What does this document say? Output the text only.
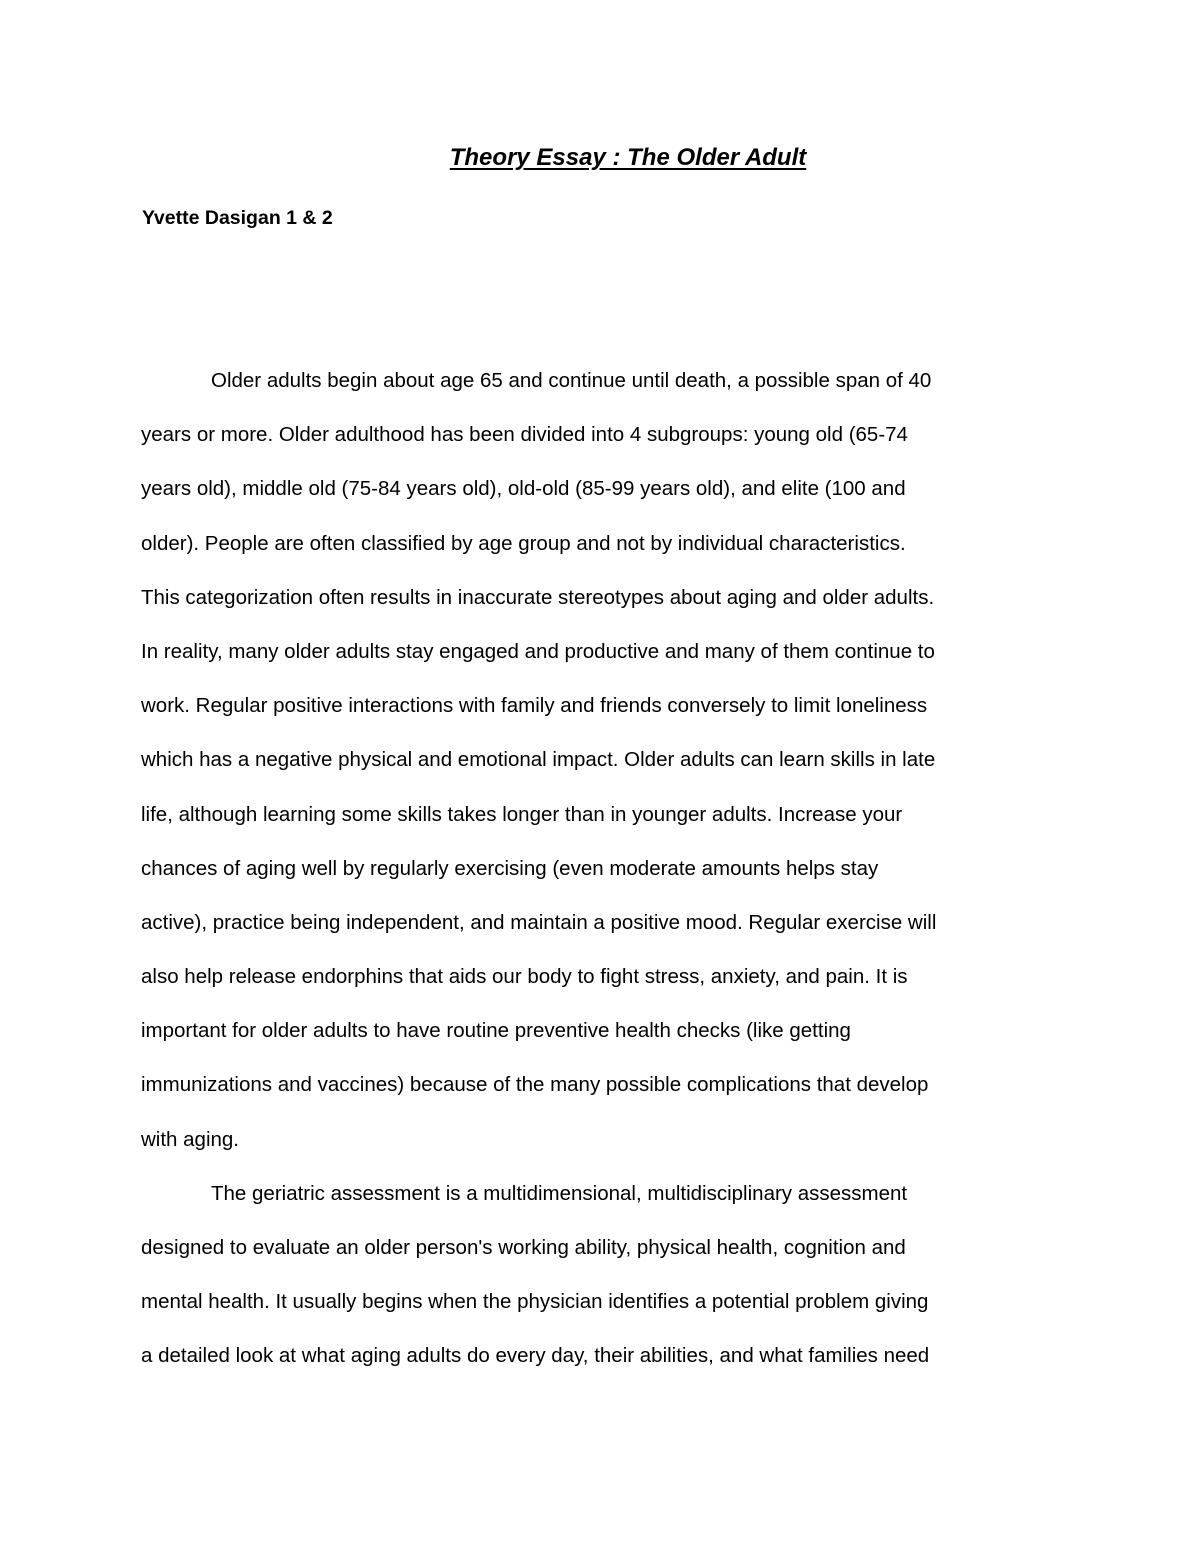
Theory Essay : The Older Adult

Yvette Dasigan 1 & 2

Older adults begin about age 65 and continue until death, a possible span of 40
years or more. Older adulthood has been divided into 4 subgroups: young old (65-74
years old), middle old (75-84 years old), old-old (85-99 years old), and elite (100 and
older). People are often classified by age group and not by individual characteristics.
This categorization often results in inaccurate stereotypes about aging and older adults.
In reality, many older adults stay engaged and productive and many of them continue to
work. Regular positive interactions with family and friends conversely to limit loneliness
which has a negative physical and emotional impact. Older adults can learn skills in late
life, although learning some skills takes longer than in younger adults. Increase your
chances of aging well by regularly exercising (even moderate amounts helps stay
active), practice being independent, and maintain a positive mood. Regular exercise will
also help release endorphins that aids our body to fight stress, anxiety, and pain. It is
important for older adults to have routine preventive health checks (like getting
immunizations and vaccines) because of the many possible complications that develop
with aging.
The geriatric assessment is a multidimensional, multidisciplinary assessment
designed to evaluate an older person's working ability, physical health, cognition and
mental health. It usually begins when the physician identifies a potential problem giving
a detailed look at what aging adults do every day, their abilities, and what families need
